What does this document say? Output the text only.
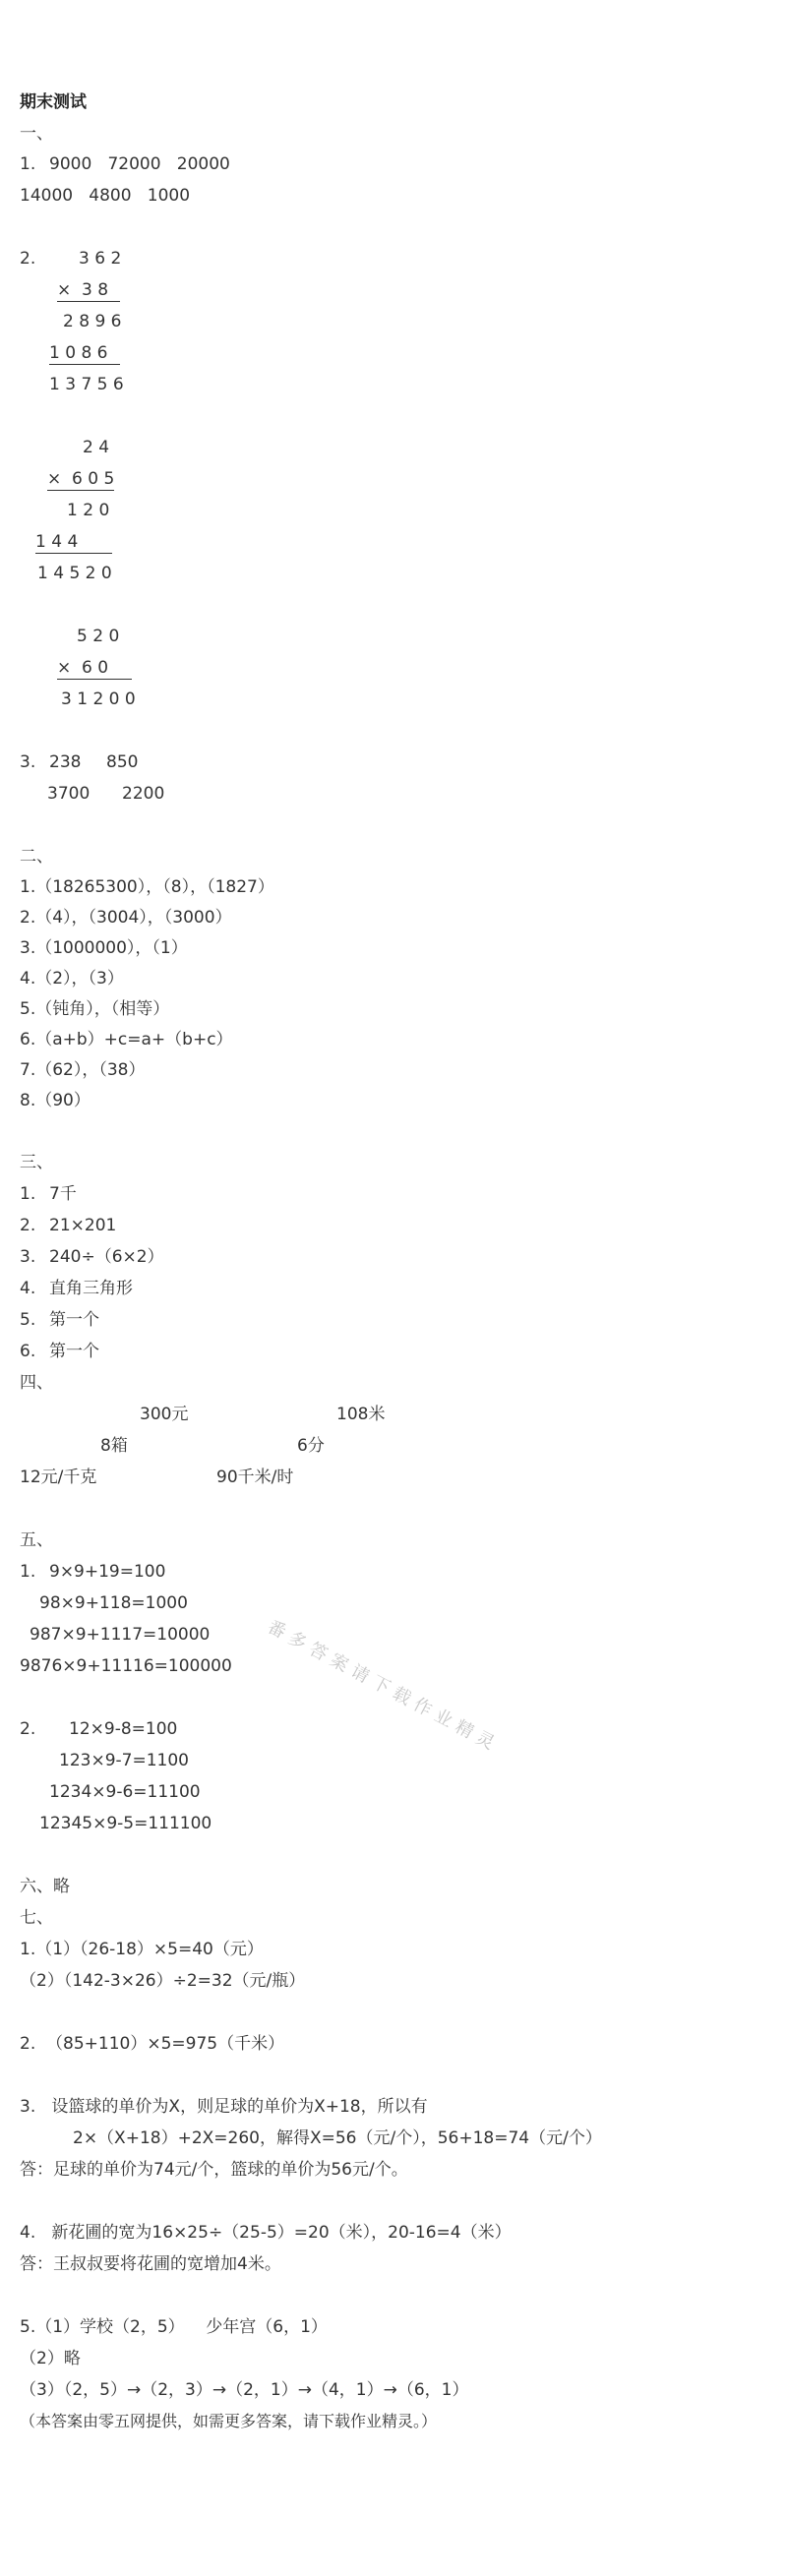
期末测试
一、
1. 9000   72000   20000
14000   4800   1000
2.	3 6 2
×  3 8
2 8 9 6
1 0 8 6
1 3 7 5 6
2 4
×  6 0 5
1 2 0
1 4 4
1 4 5 2 0
5 2 0
×  6 0
3 1 2 0 0
3. 238 850
3700 2200
二、
1.（18265300），（8），（1827）
2.（4），（3004），（3000）
3.（1000000），（1）
4.（2），（3）
5.（钝角），（相等）
6.（a+b）+c=a+（b+c）
7.（62），（38）
8.（90）
三、
1. 7千
2. 21×201
3. 240÷（6×2）
4. 直角三角形
5. 第一个
6. 第一个
四、
300元	108米
8箱	6分
12元/千克	90千米/时
五、
1. 9×9+19=100
98×9+118=1000
987×9+1117=10000
9876×9+11116=100000
2. 12×9-8=100
123×9-7=1100
1234×9-6=11100
12345×9-5=111100
六、略
七、
1.（1）（26-18）×5=40（元）
（2）（142-3×26）÷2=32（元/瓶）
2.  （85+110）×5=975（千米）
3.   设篮球的单价为X，则足球的单价为X+18，所以有
2×（X+18）+2X=260，解得X=56（元/个），56+18=74（元/个）
答：足球的单价为74元/个，篮球的单价为56元/个。
4.   新花圃的宽为16×25÷（25-5）=20（米），20-16=4（米）
答：王叔叔要将花圃的宽增加4米。
5.（1）学校（2，5）    少年宫（6，1）
（2）略
（3）（2，5）→（2，3）→（2，1）→（4，1）→（6，1）
（本答案由零五网提供，如需更多答案，请下载作业精灵。）
番多答案请下载作业精灵
